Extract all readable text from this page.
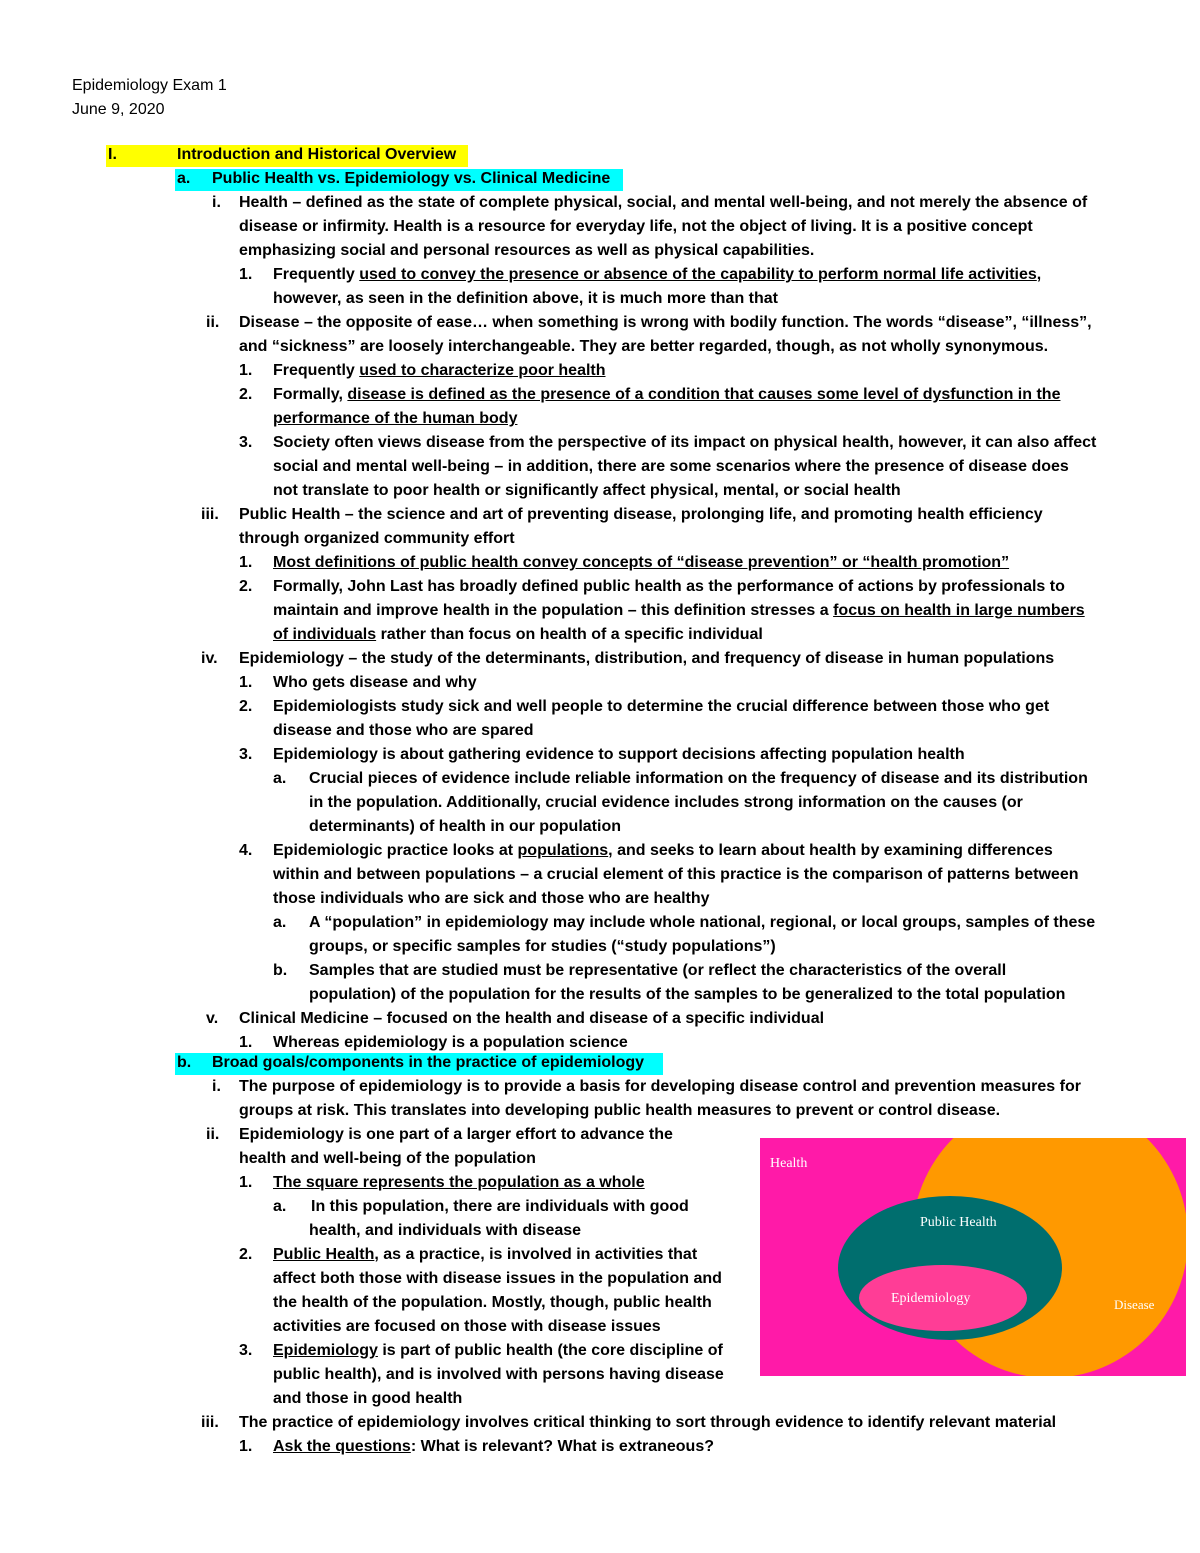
Epidemiology Exam 1
June 9, 2020
I.	Introduction and Historical Overview
a. Public Health vs. Epidemiology vs. Clinical Medicine
i. Health – defined as the state of complete physical, social, and mental well-being, and not merely the absence of
disease or infirmity. Health is a resource for everyday life, not the object of living. It is a positive concept
emphasizing social and personal resources as well as physical capabilities.
1. Frequently used to convey the presence or absence of the capability to perform normal life activities,
however, as seen in the definition above, it is much more than that
ii. Disease – the opposite of ease… when something is wrong with bodily function. The words “disease”, “illness”,
and “sickness” are loosely interchangeable. They are better regarded, though, as not wholly synonymous.
1. Frequently used to characterize poor health
2. Formally, disease is defined as the presence of a condition that causes some level of dysfunction in the
performance of the human body
3. Society often views disease from the perspective of its impact on physical health, however, it can also affect
social and mental well-being – in addition, there are some scenarios where the presence of disease does
not translate to poor health or significantly affect physical, mental, or social health
iii. Public Health – the science and art of preventing disease, prolonging life, and promoting health efficiency
through organized community effort
1. Most definitions of public health convey concepts of “disease prevention” or “health promotion”
2. Formally, John Last has broadly defined public health as the performance of actions by professionals to
maintain and improve health in the population – this definition stresses a focus on health in large numbers
of individuals rather than focus on health of a specific individual
iv. Epidemiology – the study of the determinants, distribution, and frequency of disease in human populations
1. Who gets disease and why
2. Epidemiologists study sick and well people to determine the crucial difference between those who get
disease and those who are spared
3. Epidemiology is about gathering evidence to support decisions affecting population health
a. Crucial pieces of evidence include reliable information on the frequency of disease and its distribution
in the population. Additionally, crucial evidence includes strong information on the causes (or
determinants) of health in our population
4. Epidemiologic practice looks at populations, and seeks to learn about health by examining differences
within and between populations – a crucial element of this practice is the comparison of patterns between
those individuals who are sick and those who are healthy
a. A “population” in epidemiology may include whole national, regional, or local groups, samples of these
groups, or specific samples for studies (“study populations”)
b. Samples that are studied must be representative (or reflect the characteristics of the overall
population) of the population for the results of the samples to be generalized to the total population
v. Clinical Medicine – focused on the health and disease of a specific individual
1. Whereas epidemiology is a population science
b. Broad goals/components in the practice of epidemiology
i. The purpose of epidemiology is to provide a basis for developing disease control and prevention measures for
groups at risk. This translates into developing public health measures to prevent or control disease.
ii. Epidemiology is one part of a larger effort to advance the
health and well-being of the population
1. The square represents the population as a whole
a. In this population, there are individuals with good
health, and individuals with disease
2. Public Health, as a practice, is involved in activities that
affect both those with disease issues in the population and
the health of the population. Mostly, though, public health
activities are focused on those with disease issues
3. Epidemiology is part of public health (the core discipline of
public health), and is involved with persons having disease
and those in good health
Health
Public Health
Epidemiology	Disease
iii. The practice of epidemiology involves critical thinking to sort through evidence to identify relevant material
1. Ask the questions: What is relevant? What is extraneous?
